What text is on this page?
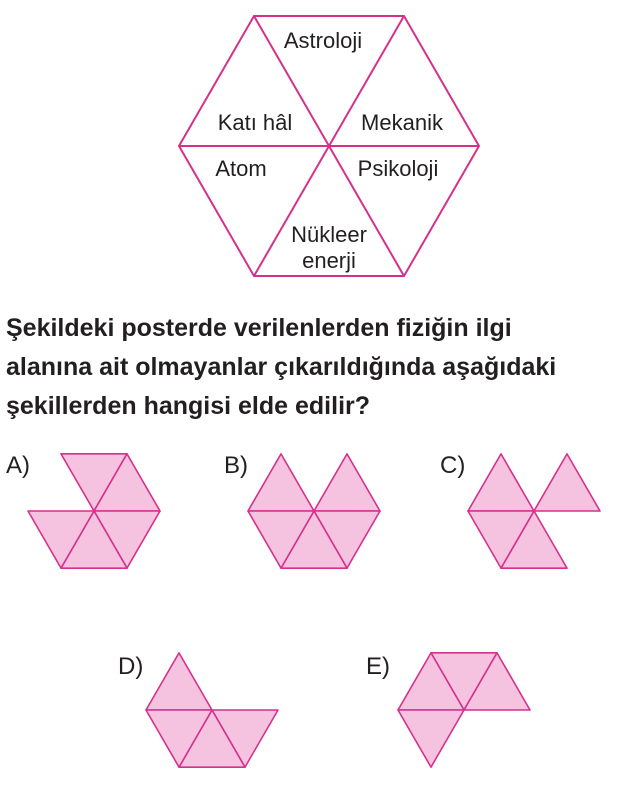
Astroloji
Katı hâl	Mekanik
Atom	Psikoloji
Nükleer
enerji
Şekildeki posterde verilenlerden fiziğin ilgi
alanına ait olmayanlar çıkarıldığında aşağıdaki
şekillerden hangisi elde edilir?
A)	B)	C)
D)	E)
